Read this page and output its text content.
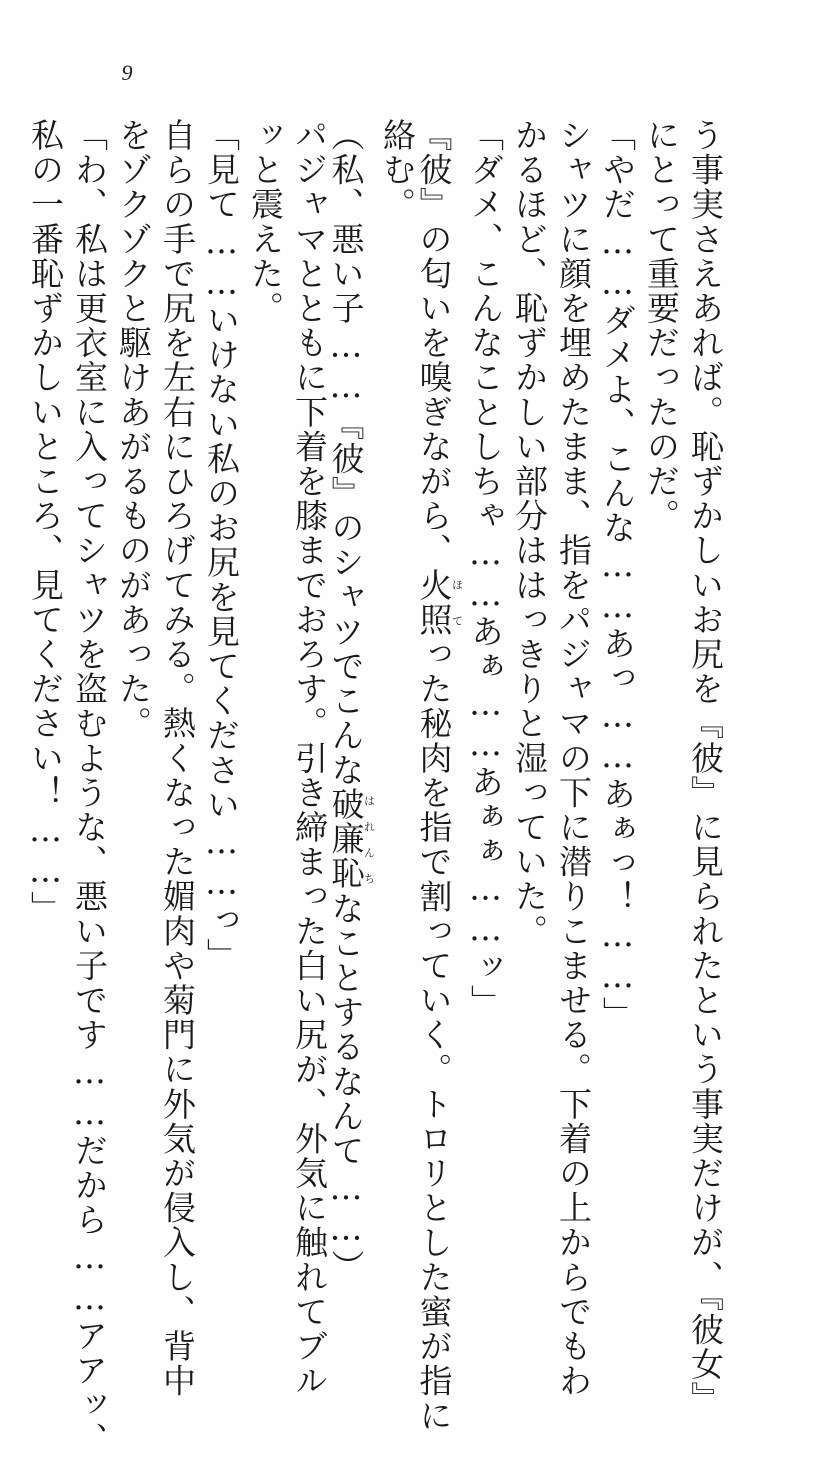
9
う事実さえあれば。恥ずかしいお尻を『彼』に見られたという事実だけが、『彼女』
にとって重要だったのだ。
「やだ……ダメよ、こんな……あっ……あぁっ！……」
シャツに顔を埋めたまま、指をパジャマの下に潜りこませる。下着の上からでもわ
かるほど、恥ずかしい部分ははっきりと湿っていた。
「ダメ、こんなことしちゃ……あぁ……あぁぁ……ッ」
『彼』の匂いを嗅ぎながら、火照ほてった秘肉を指で割っていく。トロリとした蜜が指に
絡む。
（私、悪い子……『彼』のシャツでこんな破廉恥はれんちなことするなんて……）
パジャマとともに下着を膝までおろす。引き締まった白い尻が、外気に触れてブル
ッと震えた。
「見て……いけない私のお尻を見てください……っ」
自らの手で尻を左右にひろげてみる。熱くなった媚肉や菊門に外気が侵入し、背中
をゾクゾクと駆けあがるものがあった。
「わ、私は更衣室に入ってシャツを盗むような、悪い子です……だから……アアッ、
私の一番恥ずかしいところ、見てください！……」
